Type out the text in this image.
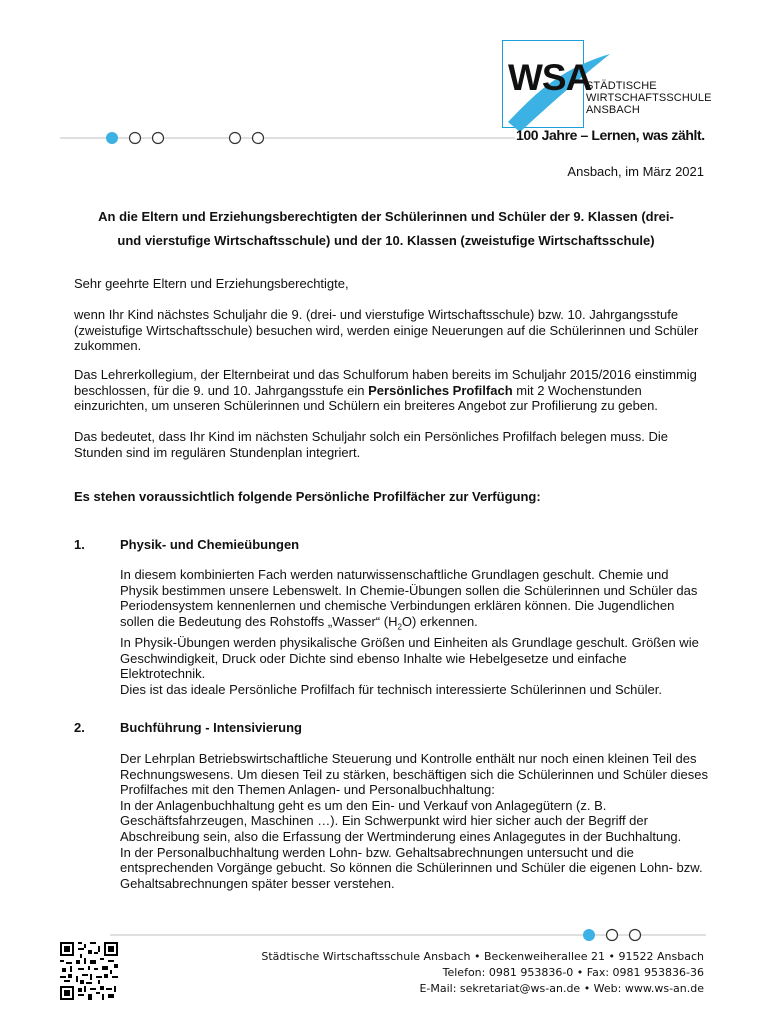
WSA
STÄDTISCHE
WIRTSCHAFTSSCHULE
ANSBACH
100 Jahre – Lernen, was zählt.
Ansbach, im März 2021
An die Eltern und Erziehungsberechtigten der Schülerinnen und Schüler der 9. Klassen (drei-
und vierstufige Wirtschaftsschule) und der 10. Klassen (zweistufige Wirtschaftsschule)
Sehr geehrte Eltern und Erziehungsberechtigte,
wenn Ihr Kind nächstes Schuljahr die 9. (drei- und vierstufige Wirtschaftsschule) bzw. 10. Jahrgangsstufe (zweistufige Wirtschaftsschule) besuchen wird, werden einige Neuerungen auf die Schülerinnen und Schüler zukommen.
Das Lehrerkollegium, der Elternbeirat und das Schulforum haben bereits im Schuljahr 2015/2016 einstimmig beschlossen, für die 9. und 10. Jahrgangsstufe ein Persönliches Profilfach mit 2 Wochenstunden einzurichten, um unseren Schülerinnen und Schülern ein breiteres Angebot zur Profilierung zu geben.
Das bedeutet, dass Ihr Kind im nächsten Schuljahr solch ein Persönliches Profilfach belegen muss. Die Stunden sind im regulären Stundenplan integriert.
Es stehen voraussichtlich folgende Persönliche Profilfächer zur Verfügung:
1.	Physik- und Chemieübungen
In diesem kombinierten Fach werden naturwissenschaftliche Grundlagen geschult. Chemie und Physik bestimmen unsere Lebenswelt. In Chemie-Übungen sollen die Schülerinnen und Schüler das Periodensystem kennenlernen und chemische Verbindungen erklären können. Die Jugendlichen sollen die Bedeutung des Rohstoffs „Wasser“ $(H_2O)$ erkennen.
In Physik-Übungen werden physikalische Größen und Einheiten als Grundlage geschult. Größen wie Geschwindigkeit, Druck oder Dichte sind ebenso Inhalte wie Hebelgesetze und einfache Elektrotechnik.
Dies ist das ideale Persönliche Profilfach für technisch interessierte Schülerinnen und Schüler.
2.	Buchführung - Intensivierung
Der Lehrplan Betriebswirtschaftliche Steuerung und Kontrolle enthält nur noch einen kleinen Teil des Rechnungswesens. Um diesen Teil zu stärken, beschäftigen sich die Schülerinnen und Schüler dieses Profilfaches mit den Themen Anlagen- und Personalbuchhaltung:
In der Anlagenbuchhaltung geht es um den Ein- und Verkauf von Anlagegütern (z. B. Geschäftsfahrzeugen, Maschinen …). Ein Schwerpunkt wird hier sicher auch der Begriff der Abschreibung sein, also die Erfassung der Wertminderung eines Anlagegutes in der Buchhaltung.
In der Personalbuchhaltung werden Lohn- bzw. Gehaltsabrechnungen untersucht und die entsprechenden Vorgänge gebucht. So können die Schülerinnen und Schüler die eigenen Lohn- bzw. Gehaltsabrechnungen später besser verstehen.
Städtische Wirtschaftsschule Ansbach • Beckenweiherallee 21 • 91522 Ansbach
Telefon: 0981 953836-0 • Fax: 0981 953836-36
E-Mail: sekretariat@ws-an.de • Web: www.ws-an.de
